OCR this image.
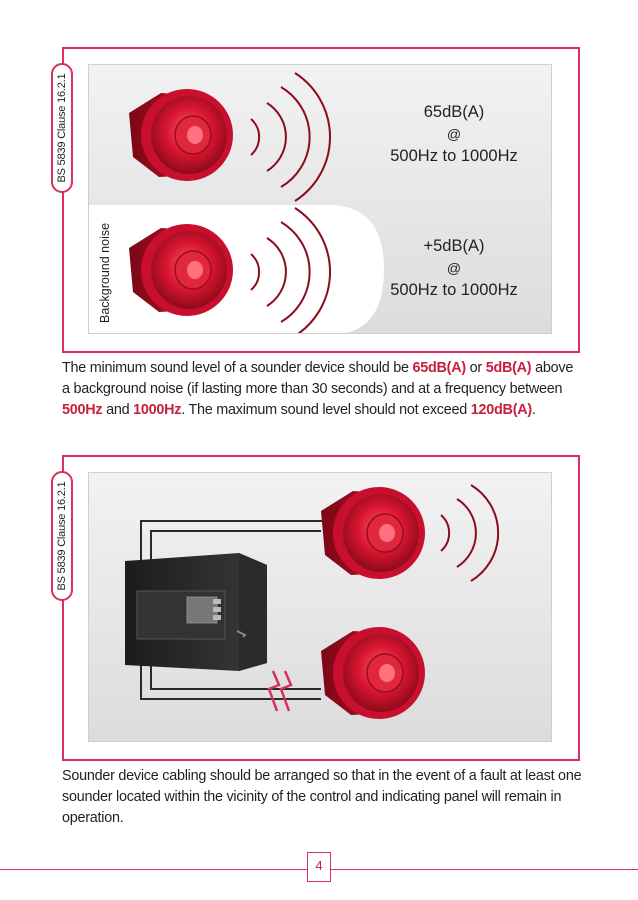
BS 5839 Clause 16.2.1	65dB(A)
@
500Hz to 1000Hz
+5dB(A)
@
500Hz to 1000Hz
Background noise
The minimum sound level of a sounder device should be 65dB(A) or 5dB(A) above a background noise (if lasting more than 30 seconds) and at a frequency between 500Hz and 1000Hz. The maximum sound level should not exceed 120dB(A).
BS 5839 Clause 16.2.1
Sounder device cabling should be arranged so that in the event of a fault at least one sounder located within the vicinity of the control and indicating panel will remain in operation.
4
